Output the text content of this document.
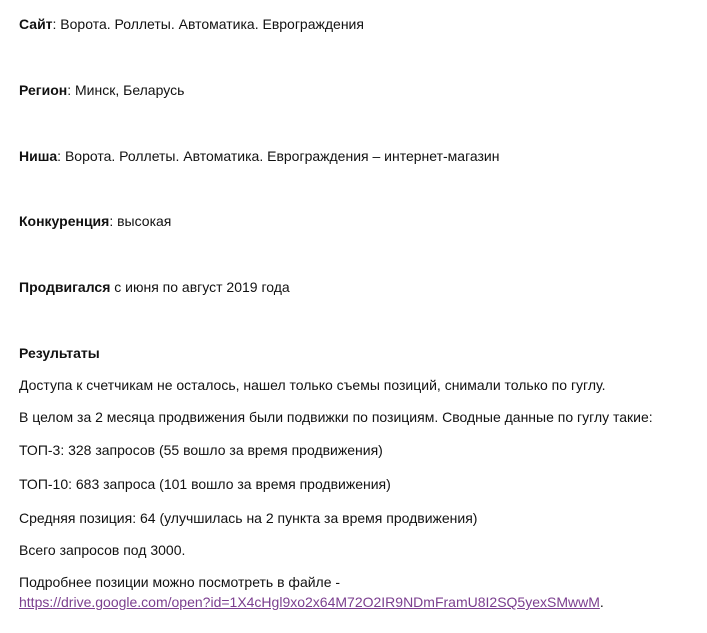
Сайт: Ворота. Роллеты. Автоматика. Еврограждения
Регион: Минск, Беларусь
Ниша: Ворота. Роллеты. Автоматика. Еврограждения – интернет-магазин
Конкуренция: высокая
Продвигался с июня по август 2019 года
Результаты
Доступа к счетчикам не осталось, нашел только съемы позиций, снимали только по гуглу.
В целом за 2 месяца продвижения были подвижки по позициям. Сводные данные по гуглу такие:
ТОП-3: 328 запросов (55 вошло за время продвижения)
ТОП-10: 683 запроса (101 вошло за время продвижения)
Средняя позиция: 64 (улучшилась на 2 пункта за время продвижения)
Всего запросов под 3000.
Подробнее позиции можно посмотреть в файле -
https://drive.google.com/open?id=1X4cHgl9xo2x64M72O2IR9NDmFramU8I2SQ5yexSMwwM.
